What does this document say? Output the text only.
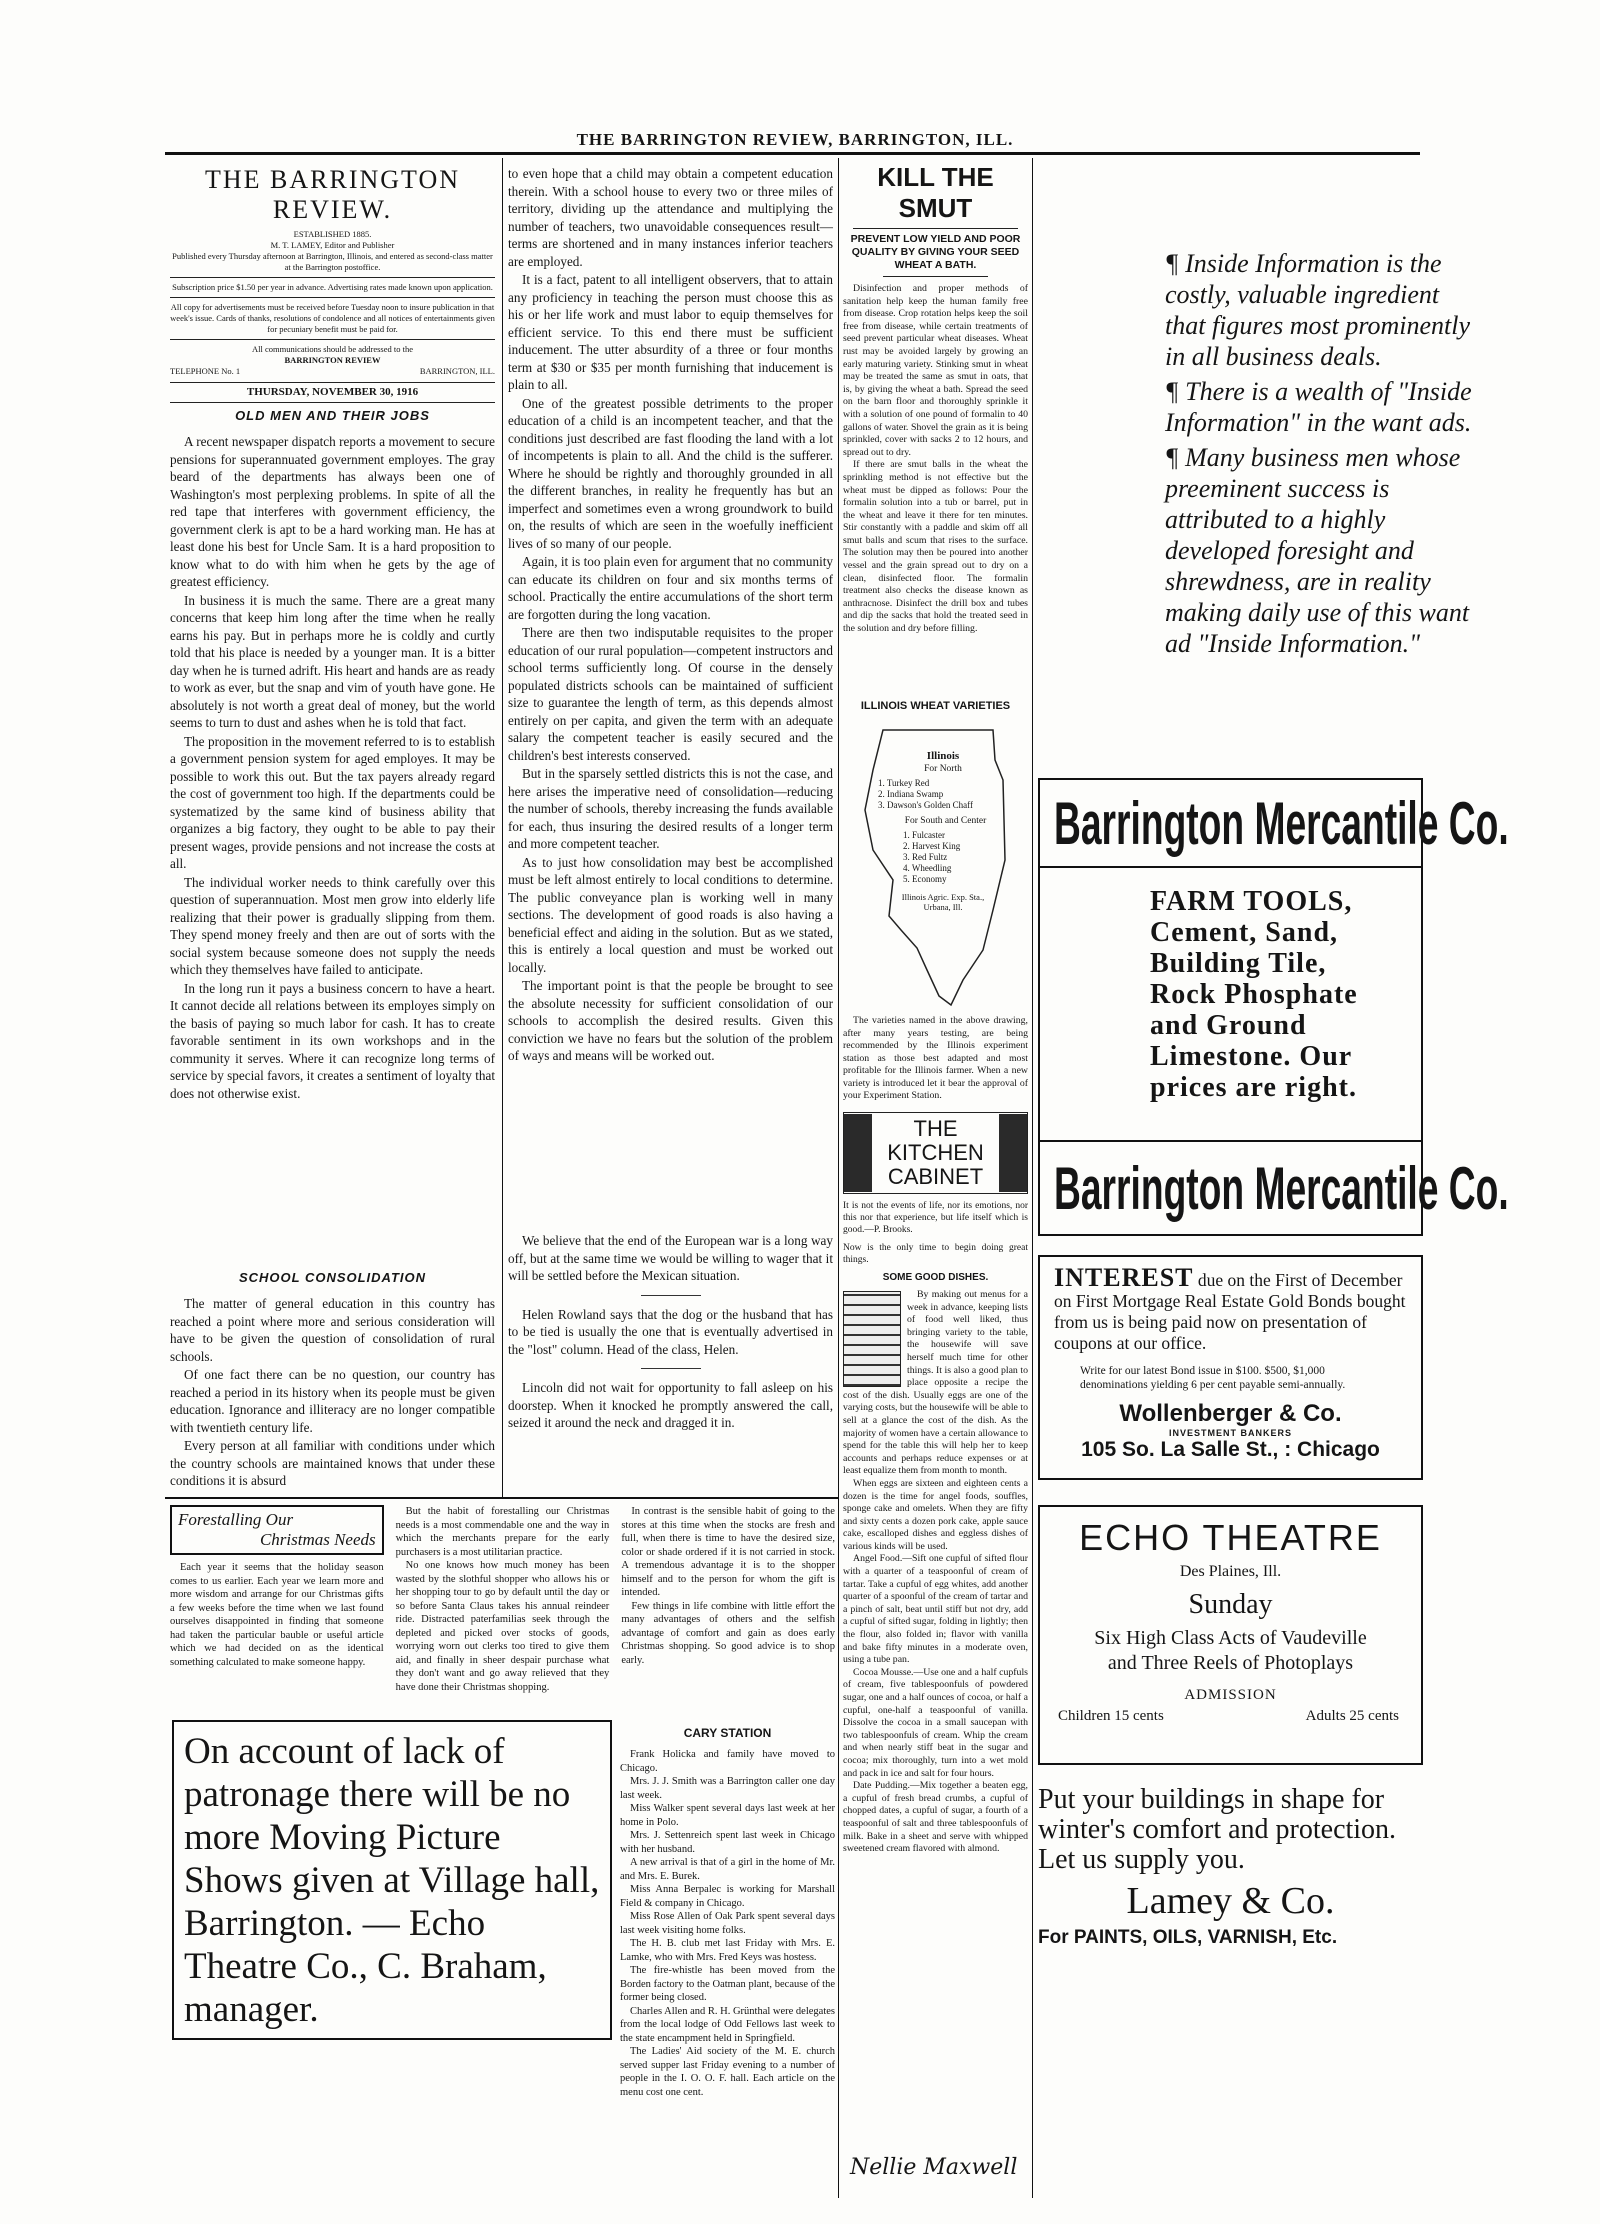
THE BARRINGTON REVIEW, BARRINGTON, ILL.
THE BARRINGTON REVIEW.
ESTABLISHED 1885.
M. T. LAMEY, Editor and Publisher
Published every Thursday afternoon at Barrington, Illinois, and entered as second-class matter at the Barrington postoffice.
Subscription price $1.50 per year in advance. Advertising rates made known upon application.
All copy for advertisements must be received before Tuesday noon to insure publication in that week's issue. Cards of thanks, resolutions of condolence and all notices of entertainments given for pecuniary benefit must be paid for.
All communications should be addressed to the
BARRINGTON REVIEW
TELEPHONE No. 1	BARRINGTON, ILL.
THURSDAY, NOVEMBER 30, 1916
OLD MEN AND THEIR JOBS

A recent newspaper dispatch reports a movement to secure pensions for superannuated government employes. The gray beard of the departments has always been one of Washington's most perplexing problems. In spite of all the red tape that interferes with government efficiency, the government clerk is apt to be a hard working man. He has at least done his best for Uncle Sam. It is a hard proposition to know what to do with him when he gets by the age of greatest efficiency.

In business it is much the same. There are a great many concerns that keep him long after the time when he really earns his pay. But in perhaps more he is coldly and curtly told that his place is needed by a younger man. It is a bitter day when he is turned adrift. His heart and hands are as ready to work as ever, but the snap and vim of youth have gone. He absolutely is not worth a great deal of money, but the world seems to turn to dust and ashes when he is told that fact.

The proposition in the movement referred to is to establish a government pension system for aged employes. It may be possible to work this out. But the tax payers already regard the cost of government too high. If the departments could be systematized by the same kind of business ability that organizes a big factory, they ought to be able to pay their present wages, provide pensions and not increase the costs at all.

The individual worker needs to think carefully over this question of superannuation. Most men grow into elderly life realizing that their power is gradually slipping from them. They spend money freely and then are out of sorts with the social system because someone does not supply the needs which they themselves have failed to anticipate.

In the long run it pays a business concern to have a heart. It cannot decide all relations between its employes simply on the basis of paying so much labor for cash. It has to create favorable sentiment in its own workshops and in the community it serves. Where it can recognize long terms of service by special favors, it creates a sentiment of loyalty that does not otherwise exist.

SCHOOL CONSOLIDATION

The matter of general education in this country has reached a point where more and serious consideration will have to be given the question of consolidation of rural schools.

Of one fact there can be no question, our country has reached a period in its history when its people must be given education. Ignorance and illiteracy are no longer compatible with twentieth century life.

Every person at all familiar with conditions under which the country schools are maintained knows that under these conditions it is absurd

to even hope that a child may obtain a competent education therein. With a school house to every two or three miles of territory, dividing up the attendance and multiplying the number of teachers, two unavoidable consequences result—terms are shortened and in many instances inferior teachers are employed.

It is a fact, patent to all intelligent observers, that to attain any proficiency in teaching the person must choose this as his or her life work and must labor to equip themselves for efficient service. To this end there must be sufficient inducement. The utter absurdity of a three or four months term at $30 or $35 per month furnishing that inducement is plain to all.

One of the greatest possible detriments to the proper education of a child is an incompetent teacher, and that the conditions just described are fast flooding the land with a lot of incompetents is plain to all. And the child is the sufferer. Where he should be rightly and thoroughly grounded in all the different branches, in reality he frequently has but an imperfect and sometimes even a wrong groundwork to build on, the results of which are seen in the woefully inefficient lives of so many of our people.

Again, it is too plain even for argument that no community can educate its children on four and six months terms of school. Practically the entire accumulations of the short term are forgotten during the long vacation.

There are then two indisputable requisites to the proper education of our rural population—competent instructors and school terms sufficiently long. Of course in the densely populated districts schools can be maintained of sufficient size to guarantee the length of term, as this depends almost entirely on per capita, and given the term with an adequate salary the competent teacher is easily secured and the children's best interests conserved.

But in the sparsely settled districts this is not the case, and here arises the imperative need of consolidation—reducing the number of schools, thereby increasing the funds available for each, thus insuring the desired results of a longer term and more competent teacher.

As to just how consolidation may best be accomplished must be left almost entirely to local conditions to determine. The public conveyance plan is working well in many sections. The development of good roads is also having a beneficial effect and aiding in the solution. But as we stated, this is entirely a local question and must be worked out locally.

The important point is that the people be brought to see the absolute necessity for sufficient consolidation of our schools to accomplish the desired results. Given this conviction we have no fears but the solution of the problem of ways and means will be worked out.

We believe that the end of the European war is a long way off, but at the same time we would be willing to wager that it will be settled before the Mexican situation.

Helen Rowland says that the dog or the husband that has to be tied is usually the one that is eventually advertised in the "lost" column. Head of the class, Helen.

Lincoln did not wait for opportunity to fall asleep on his doorstep. When it knocked he promptly answered the call, seized it around the neck and dragged it in.

Forestalling Our
Christmas Needs

Each year it seems that the holiday season comes to us earlier. Each year we learn more and more wisdom and arrange for our Christmas gifts a few weeks before the time when we last found ourselves disappointed in finding that someone had taken the particular bauble or useful article which we had decided on as the identical something calculated to make someone happy.

But the habit of forestalling our Christmas needs is a most commendable one and the way in which the merchants prepare for the early purchasers is a most utilitarian practice.

No one knows how much money has been wasted by the slothful shopper who allows his or her shopping tour to go by default until the day or so before Santa Claus takes his annual reindeer ride. Distracted paterfamilias seek through the depleted and picked over stocks of goods, worrying worn out clerks too tired to give them aid, and finally in sheer despair purchase what they don't want and go away relieved that they have done their Christmas shopping.

In contrast is the sensible habit of going to the stores at this time when the stocks are fresh and full, when there is time to have the desired size, color or shade ordered if it is not carried in stock. A tremendous advantage it is to the shopper himself and to the person for whom the gift is intended.

Few things in life combine with little effort the many advantages of others and the selfish advantage of comfort and gain as does early Christmas shopping. So good advice is to shop early.

CARY STATION

Frank Holicka and family have moved to Chicago.

Mrs. J. J. Smith was a Barrington caller one day last week.

Miss Walker spent several days last week at her home in Polo.

Mrs. J. Settenreich spent last week in Chicago with her husband.

A new arrival is that of a girl in the home of Mr. and Mrs. E. Burek.

Miss Anna Berpalec is working for Marshall Field & company in Chicago.

Miss Rose Allen of Oak Park spent several days last week visiting home folks.

The H. B. club met last Friday with Mrs. E. Lamke, who with Mrs. Fred Keys was hostess.

The fire-whistle has been moved from the Borden factory to the Oatman plant, because of the former being closed.

Charles Allen and R. H. Grünthal were delegates from the local lodge of Odd Fellows last week to the state encampment held in Springfield.

The Ladies' Aid society of the M. E. church served supper last Friday evening to a number of people in the I. O. O. F. hall. Each article on the menu cost one cent.

On account of lack of patronage there will be no more Moving Picture Shows given at Village hall, Barrington. — Echo Theatre Co., C. Braham, manager.
KILL THE SMUT
PREVENT LOW YIELD AND POOR QUALITY BY GIVING YOUR SEED WHEAT A BATH.

Disinfection and proper methods of sanitation help keep the human family free from disease. Crop rotation helps keep the soil free from disease, while certain treatments of seed prevent particular wheat diseases. Wheat rust may be avoided largely by growing an early maturing variety. Stinking smut in wheat may be treated the same as smut in oats, that is, by giving the wheat a bath. Spread the seed on the barn floor and thoroughly sprinkle it with a solution of one pound of formalin to 40 gallons of water. Shovel the grain as it is being sprinkled, cover with sacks 2 to 12 hours, and spread out to dry.

If there are smut balls in the wheat the sprinkling method is not effective but the wheat must be dipped as follows: Pour the formalin solution into a tub or barrel, put in the wheat and leave it there for ten minutes. Stir constantly with a paddle and skim off all smut balls and scum that rises to the surface. The solution may then be poured into another vessel and the grain spread out to dry on a clean, disinfected floor. The formalin treatment also checks the disease known as anthracnose. Disinfect the drill box and tubes and dip the sacks that hold the treated seed in the solution and dry before filling.

ILLINOIS WHEAT VARIETIES
Illinois
For North
1. Turkey Red
2. Indiana Swamp
3. Dawson's Golden Chaff
For South and Center
1. Fulcaster
2. Harvest King
3. Red Fultz
4. Wheedling
5. Economy
Illinois Agric. Exp. Sta., Urbana, Ill.

The varieties named in the above drawing, after many years testing, are being recommended by the Illinois experiment station as those best adapted and most profitable for the Illinois farmer. When a new variety is introduced let it bear the approval of your Experiment Station.

THE
KITCHEN
CABINET

It is not the events of life, nor its emotions, nor this nor that experience, but life itself which is good.—P. Brooks.

Now is the only time to begin doing great things.

SOME GOOD DISHES.

By making out menus for a week in advance, keeping lists of food well liked, thus bringing variety to the table, the housewife will save herself much time for other things. It is also a good plan to place opposite a recipe the cost of the dish. Usually eggs are one of the varying costs, but the housewife will be able to sell at a glance the cost of the dish. As the majority of women have a certain allowance to spend for the table this will help her to keep accounts and perhaps reduce expenses or at least equalize them from month to month.

When eggs are sixteen and eighteen cents a dozen is the time for angel foods, souffles, sponge cake and omelets. When they are fifty and sixty cents a dozen pork cake, apple sauce cake, escalloped dishes and eggless dishes of various kinds will be used.

Angel Food.—Sift one cupful of sifted flour with a quarter of a teaspoonful of cream of tartar. Take a cupful of egg whites, add another quarter of a spoonful of the cream of tartar and a pinch of salt, beat until stiff but not dry, add a cupful of sifted sugar, folding in lightly; then the flour, also folded in; flavor with vanilla and bake fifty minutes in a moderate oven, using a tube pan.

Cocoa Mousse.—Use one and a half cupfuls of cream, five tablespoonfuls of powdered sugar, one and a half ounces of cocoa, or half a cupful, one-half a teaspoonful of vanilla. Dissolve the cocoa in a small saucepan with two tablespoonfuls of cream. Whip the cream and when nearly stiff beat in the sugar and cocoa; mix thoroughly, turn into a wet mold and pack in ice and salt for four hours.

Date Pudding.—Mix together a beaten egg, a cupful of fresh bread crumbs, a cupful of chopped dates, a cupful of sugar, a fourth of a teaspoonful of salt and three tablespoonfuls of milk. Bake in a sheet and serve with whipped sweetened cream flavored with almond.

Nellie Maxwell

¶ Inside Information is the costly, valuable ingredient that figures most prominently in all business deals.

¶ There is a wealth of "Inside Information" in the want ads.

¶ Many business men whose preeminent success is attributed to a highly developed foresight and shrewdness, are in reality making daily use of this want ad "Inside Information."

Barrington Mercantile Co.
FARM TOOLS, Cement, Sand, Building Tile, Rock Phosphate and Ground Limestone. Our prices are right.
Barrington Mercantile Co.
INTEREST due on the First of December on First Mortgage Real Estate Gold Bonds bought from us is being paid now on presentation of coupons at our office.
Write for our latest Bond issue in $100. $500, $1,000 denominations yielding 6 per cent payable semi-annually.
Wollenberger & Co.
INVESTMENT BANKERS
105 So. La Salle St., : Chicago
ECHO THEATRE
Des Plaines, Ill.
Sunday
Six High Class Acts of Vaudeville
and Three Reels of Photoplays
ADMISSION
Children 15 cents	Adults 25 cents
Put your buildings in shape for winter's comfort and protection. Let us supply you.
Lamey & Co.
For PAINTS, OILS, VARNISH, Etc.
